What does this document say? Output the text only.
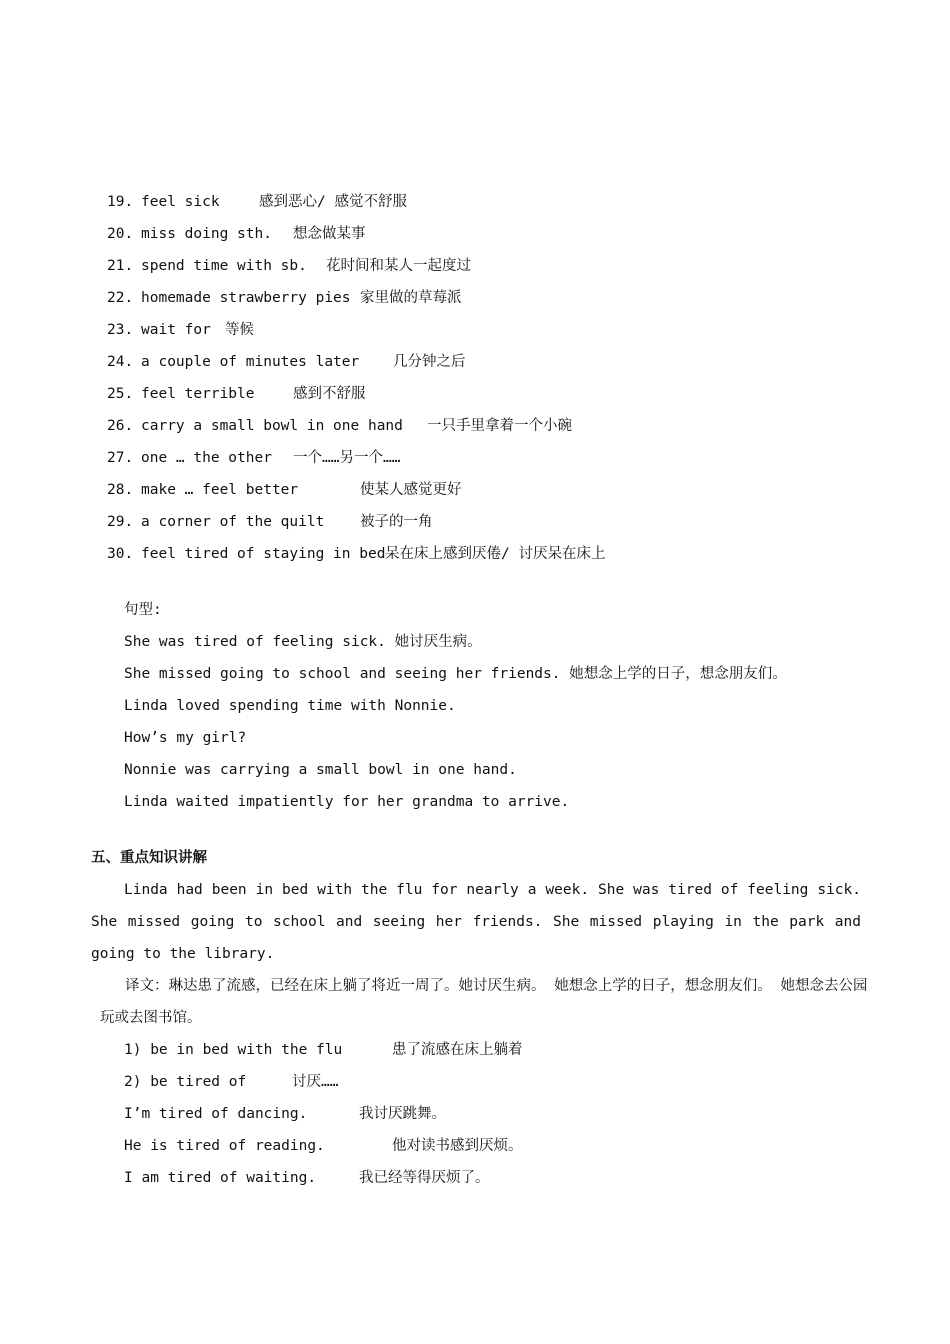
19. feel sick	感到恶心/ 感觉不舒服
20. miss doing sth. 想念做某事
21. spend time with sb. 花时间和某人一起度过
22. homemade strawberry pies 家里做的草莓派
23. wait for 等候
24. a couple of minutes later 几分钟之后
25. feel terrible	感到不舒服
26. carry a small bowl in one hand 一只手里拿着一个小碗
27. one … the other 一个……另一个……
28. make … feel better	使某人感觉更好
29. a corner of the quilt 被子的一角
30. feel tired of staying in bed呆在床上感到厌倦/ 讨厌呆在床上
句型:
She was tired of feeling sick. 她讨厌生病。
She missed going to school and seeing her friends. 她想念上学的日子，想念朋友们。
Linda loved spending time with Nonnie.
How’s my girl?
Nonnie was carrying a small bowl in one hand.
Linda waited impatiently for her grandma to arrive.
五、重点知识讲解
Linda had been in bed with the flu for nearly a week. She was tired of feeling sick. She missed going to school and seeing her friends. She missed playing in the park and going to the library.
译文：琳达患了流感，已经在床上躺了将近一周了。她讨厌生病。 她想念上学的日子，想念朋友们。 她想念去公园玩或去图书馆。
1) be in bed with the flu	患了流感在床上躺着
2) be tired of	讨厌……
I’m tired of dancing.	我讨厌跳舞。
He is tired of reading.	他对读书感到厌烦。
I am tired of waiting.	我已经等得厌烦了。
